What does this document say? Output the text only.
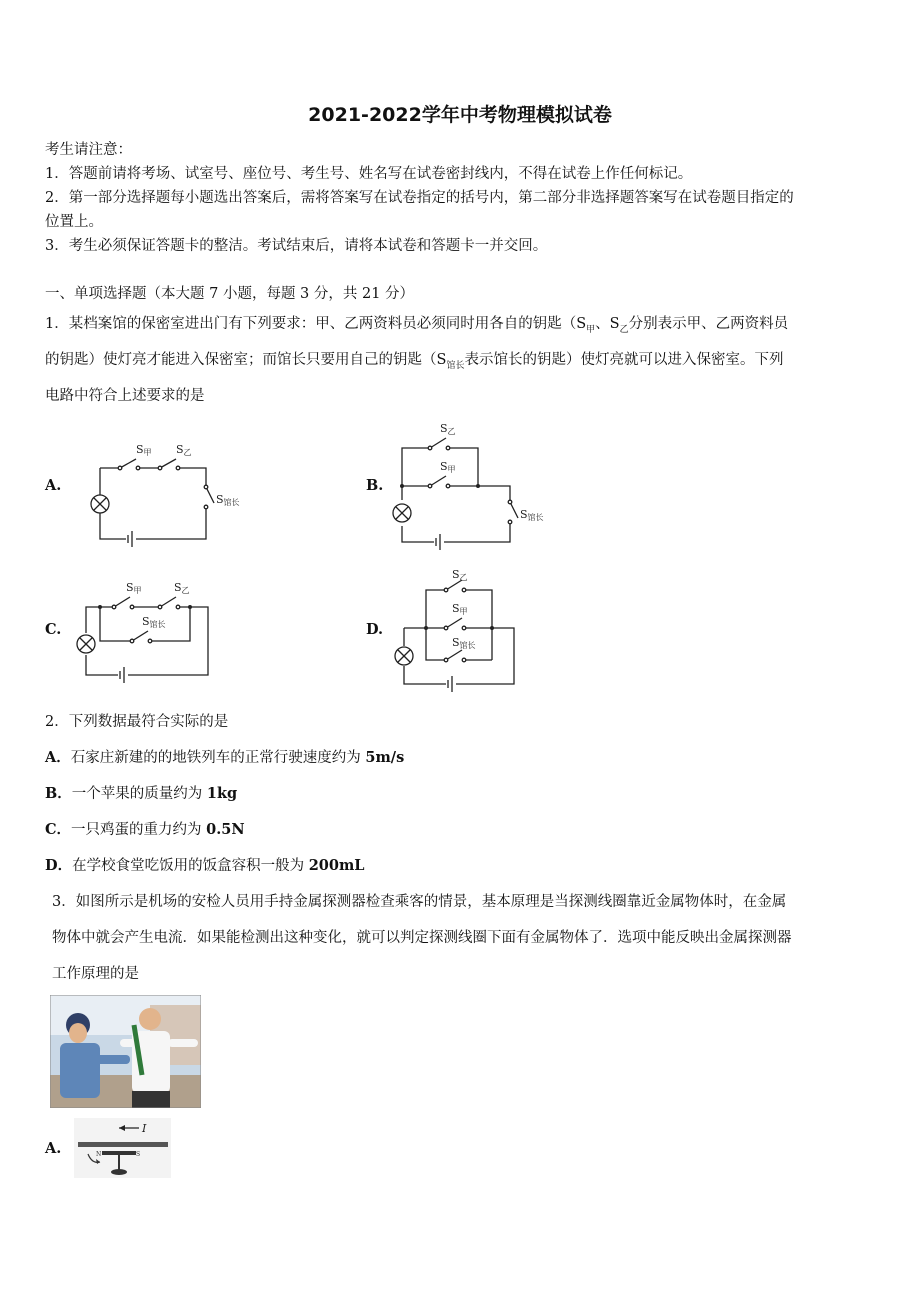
2021-2022学年中考物理模拟试卷
考生请注意：
1．答题前请将考场、试室号、座位号、考生号、姓名写在试卷密封线内，不得在试卷上作任何标记。
2．第一部分选择题每小题选出答案后，需将答案写在试卷指定的括号内，第二部分非选择题答案写在试卷题目指定的
位置上。
3．考生必须保证答题卡的整洁。考试结束后，请将本试卷和答题卡一并交回。
一、单项选择题（本大题 7 小题，每题 3 分，共 21 分）
1．某档案馆的保密室进出门有下列要求：甲、乙两资料员必须同时用各自的钥匙（$S_甲$、$S_乙$分别表示甲、乙两资料员
的钥匙）使灯亮才能进入保密室；而馆长只要用自己的钥匙（$S_{馆长}$表示馆长的钥匙）使灯亮就可以进入保密室。下列
电路中符合上述要求的是
A.	B.
C.	D.
S甲 S乙
S馆长
S乙
S甲
S馆长
S甲	S乙
S馆长
S乙
S甲
S馆长
2．下列数据最符合实际的是
A．石家庄新建的的地铁列车的正常行驶速度约为 5m/s
B．一个苹果的质量约为 1kg
C．一只鸡蛋的重力约为 0.5N
D．在学校食堂吃饭用的饭盒容积一般为 200mL
3．如图所示是机场的安检人员用手持金属探测器检查乘客的情景，基本原理是当探测线圈靠近金属物体时，在金属
物体中就会产生电流．如果能检测出这种变化，就可以判定探测线圈下面有金属物体了．选项中能反映出金属探测器
工作原理的是
A.
I
N	S
